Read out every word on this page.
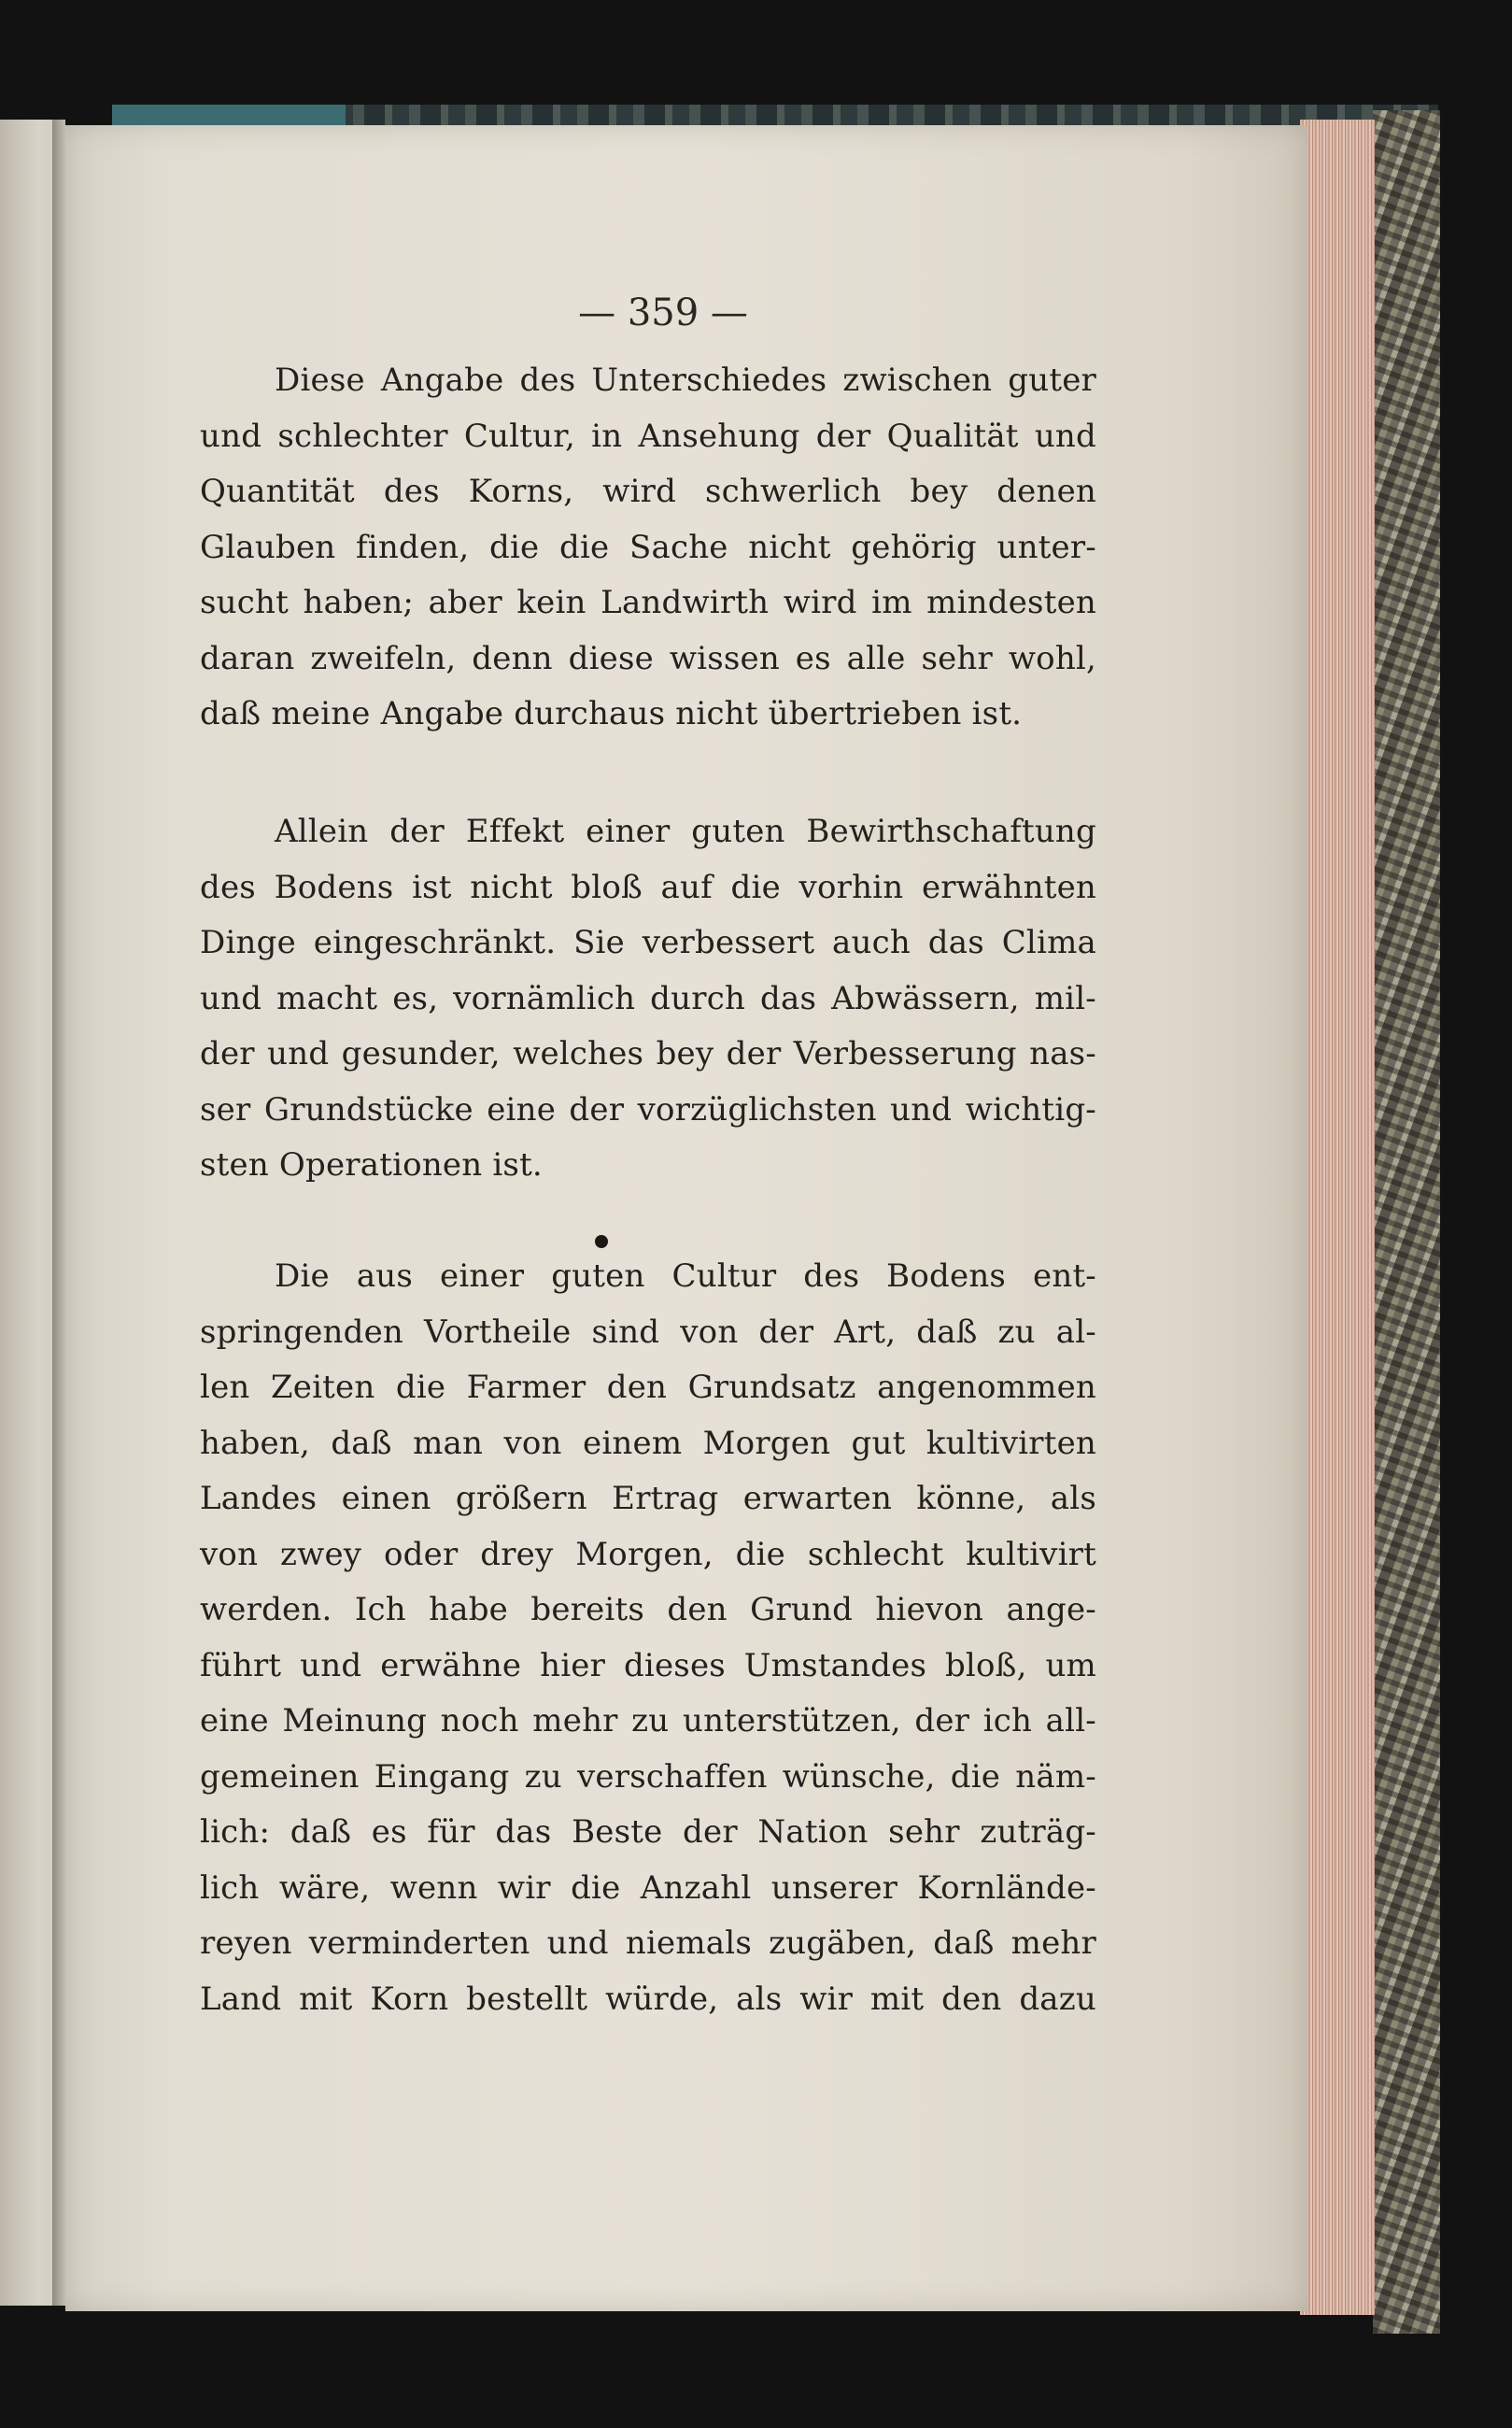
— 359 —
Diese Angabe des Unterschiedes zwischen guter
und schlechter Cultur, in Ansehung der Qualität und
Quantität des Korns, wird schwerlich bey denen
Glauben finden, die die Sache nicht gehörig unter-
sucht haben; aber kein Landwirth wird im mindesten
daran zweifeln, denn diese wissen es alle sehr wohl,
daß meine Angabe durchaus nicht übertrieben ist.
Allein der Effekt einer guten Bewirthschaftung
des Bodens ist nicht bloß auf die vorhin erwähnten
Dinge eingeschränkt. Sie verbessert auch das Clima
und macht es, vornämlich durch das Abwässern, mil-
der und gesunder, welches bey der Verbesserung nas-
ser Grundstücke eine der vorzüglichsten und wichtig-
sten Operationen ist.
Die aus einer guten Cultur des Bodens ent-
springenden Vortheile sind von der Art, daß zu al-
len Zeiten die Farmer den Grundsatz angenommen
haben, daß man von einem Morgen gut kultivirten
Landes einen größern Ertrag erwarten könne, als
von zwey oder drey Morgen, die schlecht kultivirt
werden. Ich habe bereits den Grund hievon ange-
führt und erwähne hier dieses Umstandes bloß, um
eine Meinung noch mehr zu unterstützen, der ich all-
gemeinen Eingang zu verschaffen wünsche, die näm-
lich: daß es für das Beste der Nation sehr zuträg-
lich wäre, wenn wir die Anzahl unserer Kornlände-
reyen verminderten und niemals zugäben, daß mehr
Land mit Korn bestellt würde, als wir mit den dazu
